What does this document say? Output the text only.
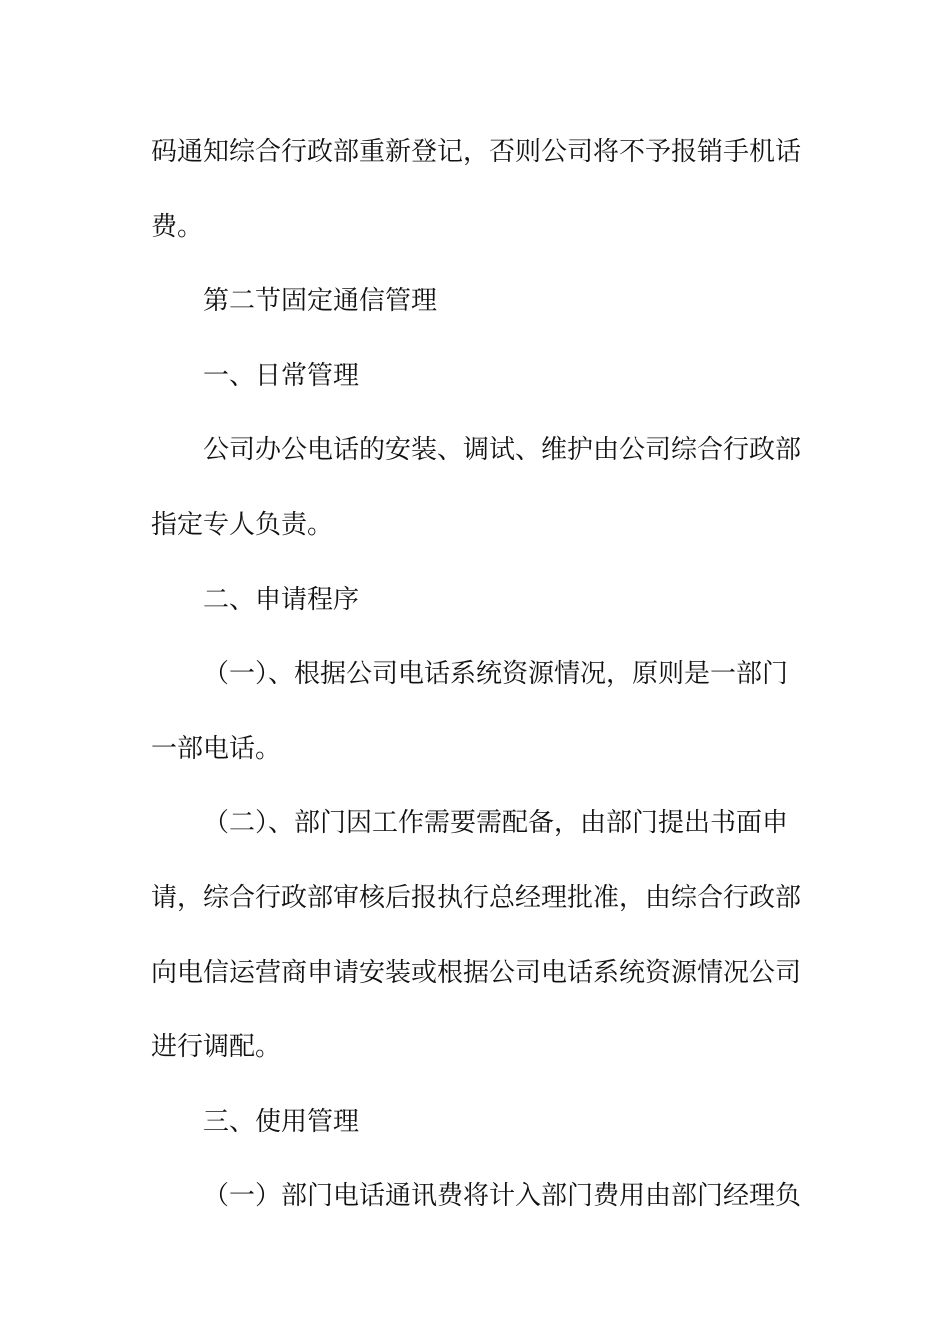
码通知综合行政部重新登记，否则公司将不予报销手机话
费。
第二节固定通信管理
一、日常管理
公司办公电话的安装、调试、维护由公司综合行政部
指定专人负责。
二、申请程序
（一）、根据公司电话系统资源情况，原则是一部门
一部电话。
（二）、部门因工作需要需配备，由部门提出书面申
请，综合行政部审核后报执行总经理批准，由综合行政部
向电信运营商申请安装或根据公司电话系统资源情况公司
进行调配。
三、使用管理
（一）部门电话通讯费将计入部门费用由部门经理负
